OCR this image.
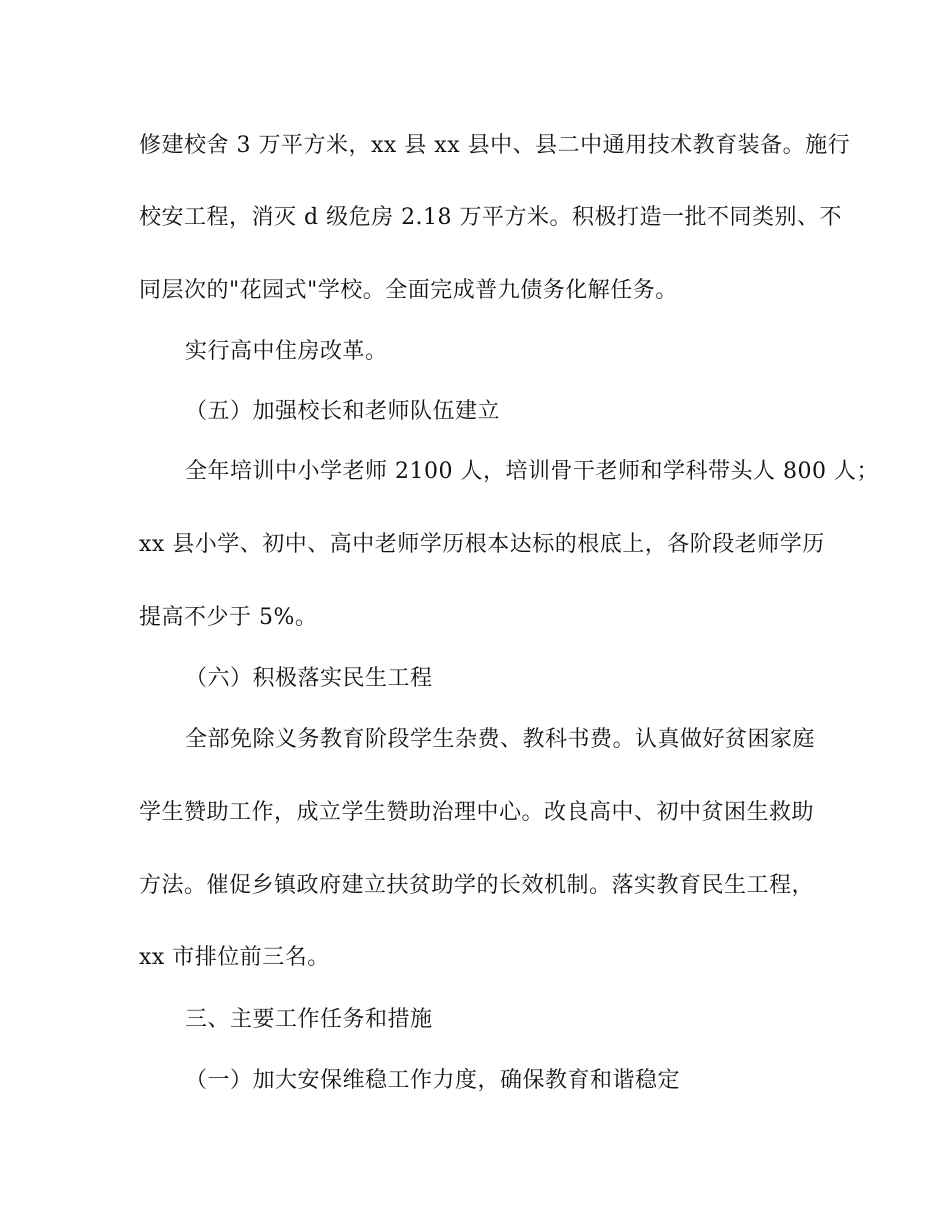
修建校舍 3 万平方米，xx 县 xx 县中、县二中通用技术教育装备。施行
校安工程，消灭 d 级危房 2.18 万平方米。积极打造一批不同类别、不
同层次的"花园式"学校。全面完成普九债务化解任务。
实行高中住房改革。
（五）加强校长和老师队伍建立
全年培训中小学老师 2100 人，培训骨干老师和学科带头人 800 人；
xx 县小学、初中、高中老师学历根本达标的根底上，各阶段老师学历
提高不少于 5%。
（六）积极落实民生工程
全部免除义务教育阶段学生杂费、教科书费。认真做好贫困家庭
学生赞助工作，成立学生赞助治理中心。改良高中、初中贫困生救助
方法。催促乡镇政府建立扶贫助学的长效机制。落实教育民生工程，
xx 市排位前三名。
三、主要工作任务和措施
（一）加大安保维稳工作力度，确保教育和谐稳定
